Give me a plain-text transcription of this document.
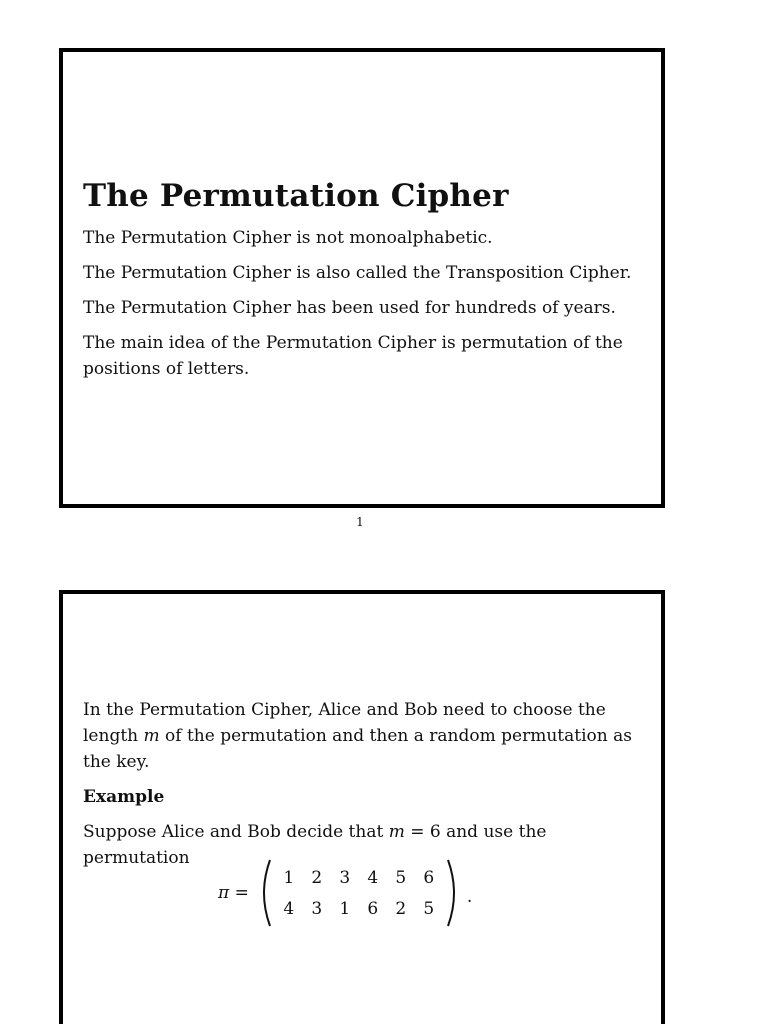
The Permutation Cipher

The Permutation Cipher is not monoalphabetic.

The Permutation Cipher is also called the Transposition Cipher.

The Permutation Cipher has been used for hundreds of years.

The main idea of the Permutation Cipher is permutation of the positions of letters.

1

In the Permutation Cipher, Alice and Bob need to choose the length m of the permutation and then a random permutation as the key.

Example

Suppose Alice and Bob decide that m = 6 and use the permutation

π =
1 2 3 4 5 6
4 3 1 6 2 5
.
